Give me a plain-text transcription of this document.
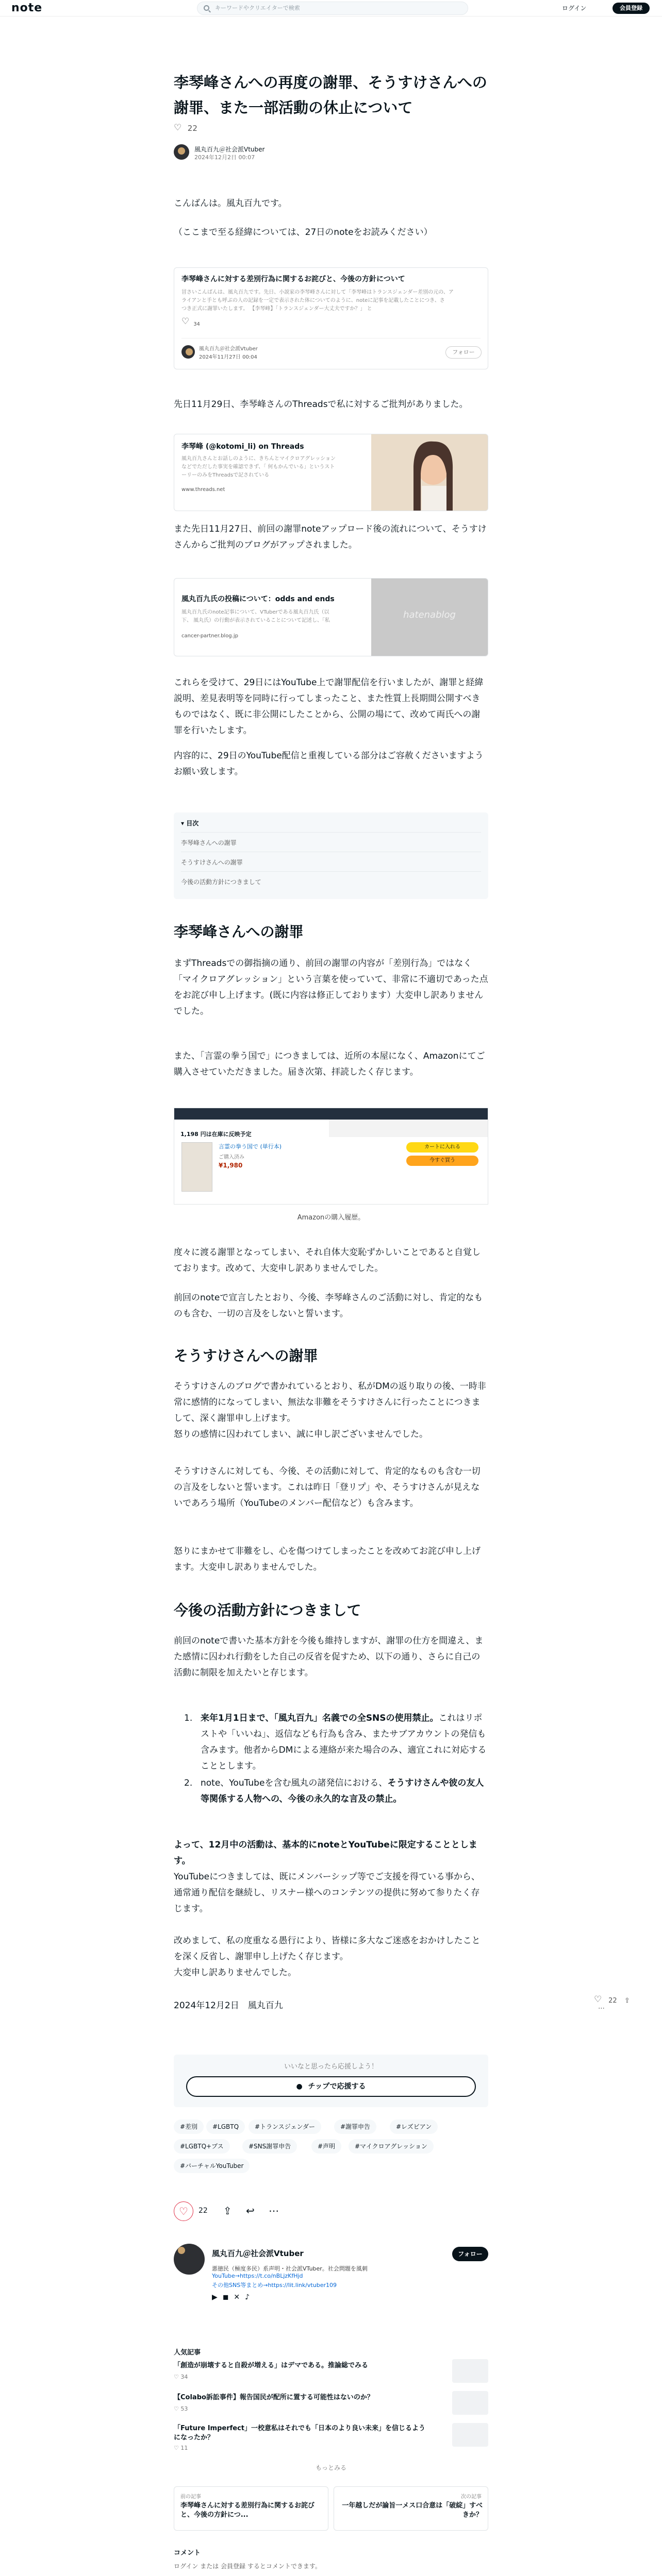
note	キーワードやクリエイターで検索	ログイン	会員登録
李琴峰さんへの再度の謝罪、そうすけさんへの謝罪、また一部活動の休止について
♡ 22
風丸百九＠社会派Vtuber
2024年12月2日 00:07
こんばんは。風丸百九です。
（ここまで至る経緯については、27日のnoteをお読みください）
李琴峰さんに対する差別行為に関するお詫びと、今後の方針について
冒さいこんばんは、風丸百九です。先日、小説家の李琴峰さんに対して「李琴峰はトランスジェンダー差別の元の、ア
ライアンと手とも呼ぶの人の記録を一定で表示された体についてのように、noteに記事を記載したことにつき、さ
つき正式に謝罪いたします。 【李琴峰】「トランスジェンダー大丈夫ですか？」 と
♡ 34
風丸百九＠社会派Vtuber
2024年11月27日 00:04
フォロー
先日11月29日、李琴峰さんのThreadsで私に対するご批判がありました。
李琴峰 (@kotomi_li) on Threads
風丸百九さんとお話しのように、きちんとマイクロアグレッション
などでただした事実を確認できず、「 何もかんでいる」というスト
ーリーのみをThreadsで記されている
www.threads.net
また先日11月27日、前回の謝罪noteアップロード後の流れについて、そうすけさんからご批判のブログがアップされました。
風丸百九氏の投稿について：odds and ends
風丸百九氏のnote記事について、VTuberである風丸百九氏（以
下、 風丸氏）の行動が表示されていることについて記述し、「私
cancer-partner.blog.jp
hatenablog
これらを受けて、29日にはYouTube上で謝罪配信を行いましたが、謝罪と経緯説明、差見表明等を同時に行ってしまったこと、また性質上長期間公開すべきものではなく、既に非公開にしたことから、公開の場にて、改めて両氏への謝罪を行いたします。
内容的に、29日のYouTube配信と重複している部分はご容赦くださいますようお願い致します。
▾ 目次
李琴峰さんへの謝罪
そうすけさんへの謝罪
今後の活動方針につきまして
李琴峰さんへの謝罪
まずThreadsでの御指摘の通り、前回の謝罪の内容が「差別行為」ではなく「マイクロアグレッション」という言葉を使っていて、非常に不適切であった点をお詫び申し上げます。(既に内容は修正しております）大変申し訳ありませんでした。
また、「言霊の拳う国で」につきましては、近所の本屋になく、Amazonにてご購入させていただきました。届き次第、拝読したく存じます。
1,198 円は在庫に反映予定
言霊の拳う国で (単行本)
ご購入済み
¥1,980
カートに入れる
今すぐ買う
Amazonの購入履歴。
度々に渡る謝罪となってしまい、それ自体大変恥ずかしいことであると自覚しております。改めて、大変申し訳ありませんでした。
前回のnoteで宣言したとおり、今後、李琴峰さんのご活動に対し、肯定的なものも含む、一切の言及をしないと誓います。
そうすけさんへの謝罪
そうすけさんのブログで書かれているとおり、私がDMの返り取りの後、一時非常に感情的になってしまい、無法な非難をそうすけさんに行ったことにつきまして、深く謝罪申し上げます。
怒りの感情に囚われてしまい、誠に申し訳ございませんでした。
そうすけさんに対しても、今後、その活動に対して、肯定的なものも含む一切の言及をしないと誓います。これは昨日「登リプ」や、そうすけさんが見えないであろう場所（YouTubeのメンバー配信など）も含みます。
怒りにまかせて非難をし、心を傷つけてしまったことを改めてお詫び申し上げます。大変申し訳ありませんでした。
今後の活動方針につきまして
前回のnoteで書いた基本方針を今後も維持しますが、謝罪の仕方を間違え、また感情に囚われ行動をした自己の反省を促すため、以下の通り、さらに自己の活動に制限を加えたいと存じます。
1. 来年1月1日まで、「風丸百九」名義での全SNSの使用禁止。これはリポストや「いいね」、返信なども行為も含み、またサブアカウントの発信も含みます。他者からDMによる連絡が来た場合のみ、適宜これに対応することとします。
2. note、YouTubeを含む風丸の諸発信における、そうすけさんや彼の友人等関係する人物への、今後の永久的な言及の禁止。
よって、12月中の活動は、基本的にnoteとYouTubeに限定することとします。
YouTubeにつきましては、既にメンバーシップ等でご支援を得ている事から、通常通り配信を継続し、リスナー様へのコンテンツの提供に努めて参りたく存じます。
改めまして、私の度重なる愚行により、皆様に多大なご迷惑をおかけしたことを深く反省し、謝罪申し上げたく存じます。
大変申し訳ありませんでした。
2024年12月2日　風丸百九
♡	22 ⇪ ⋯
いいなと思ったら応援しよう！
● チップで応援する
#差別	#LGBTQ	#トランスジェンダー	#謝罪申告	#レズビアン
#LGBTQ+プス	#SNS謝罪申告	#声明	#マイクロアグレッション
#バーチャルYouTuber
♡	22 ⇪ ↩ ⋯
風丸百九＠社会派Vtuber	フォロー
悪徳民（極度多民）系声明・社会派VTuber。社会問題を風刺
YouTube→https://t.co/nBLjzKfHjd
その他SNS等まとめ→https://lit.link/vtuber109
▶◼✕♪
人気記事
「創造が崩壊すると自殺が増える」はデマである。推論総でみる
♡ 34
【Colabo訴訟事件】報告国民が配所に置する可能性はないのか？
♡ 53
「Future Imperfect」一校意私はそれでも「日本のより良い未来」を信じるようになったか？
♡ 11
もっとみる
前の記事
李琴峰さんに対する差別行為に関するお詫びと、今後の方針につ...
次の記事
一年越しだが論旨一メス口合意は「破綻」すべきか？
コメント
ログイン または 会員登録 するとコメントできます。
